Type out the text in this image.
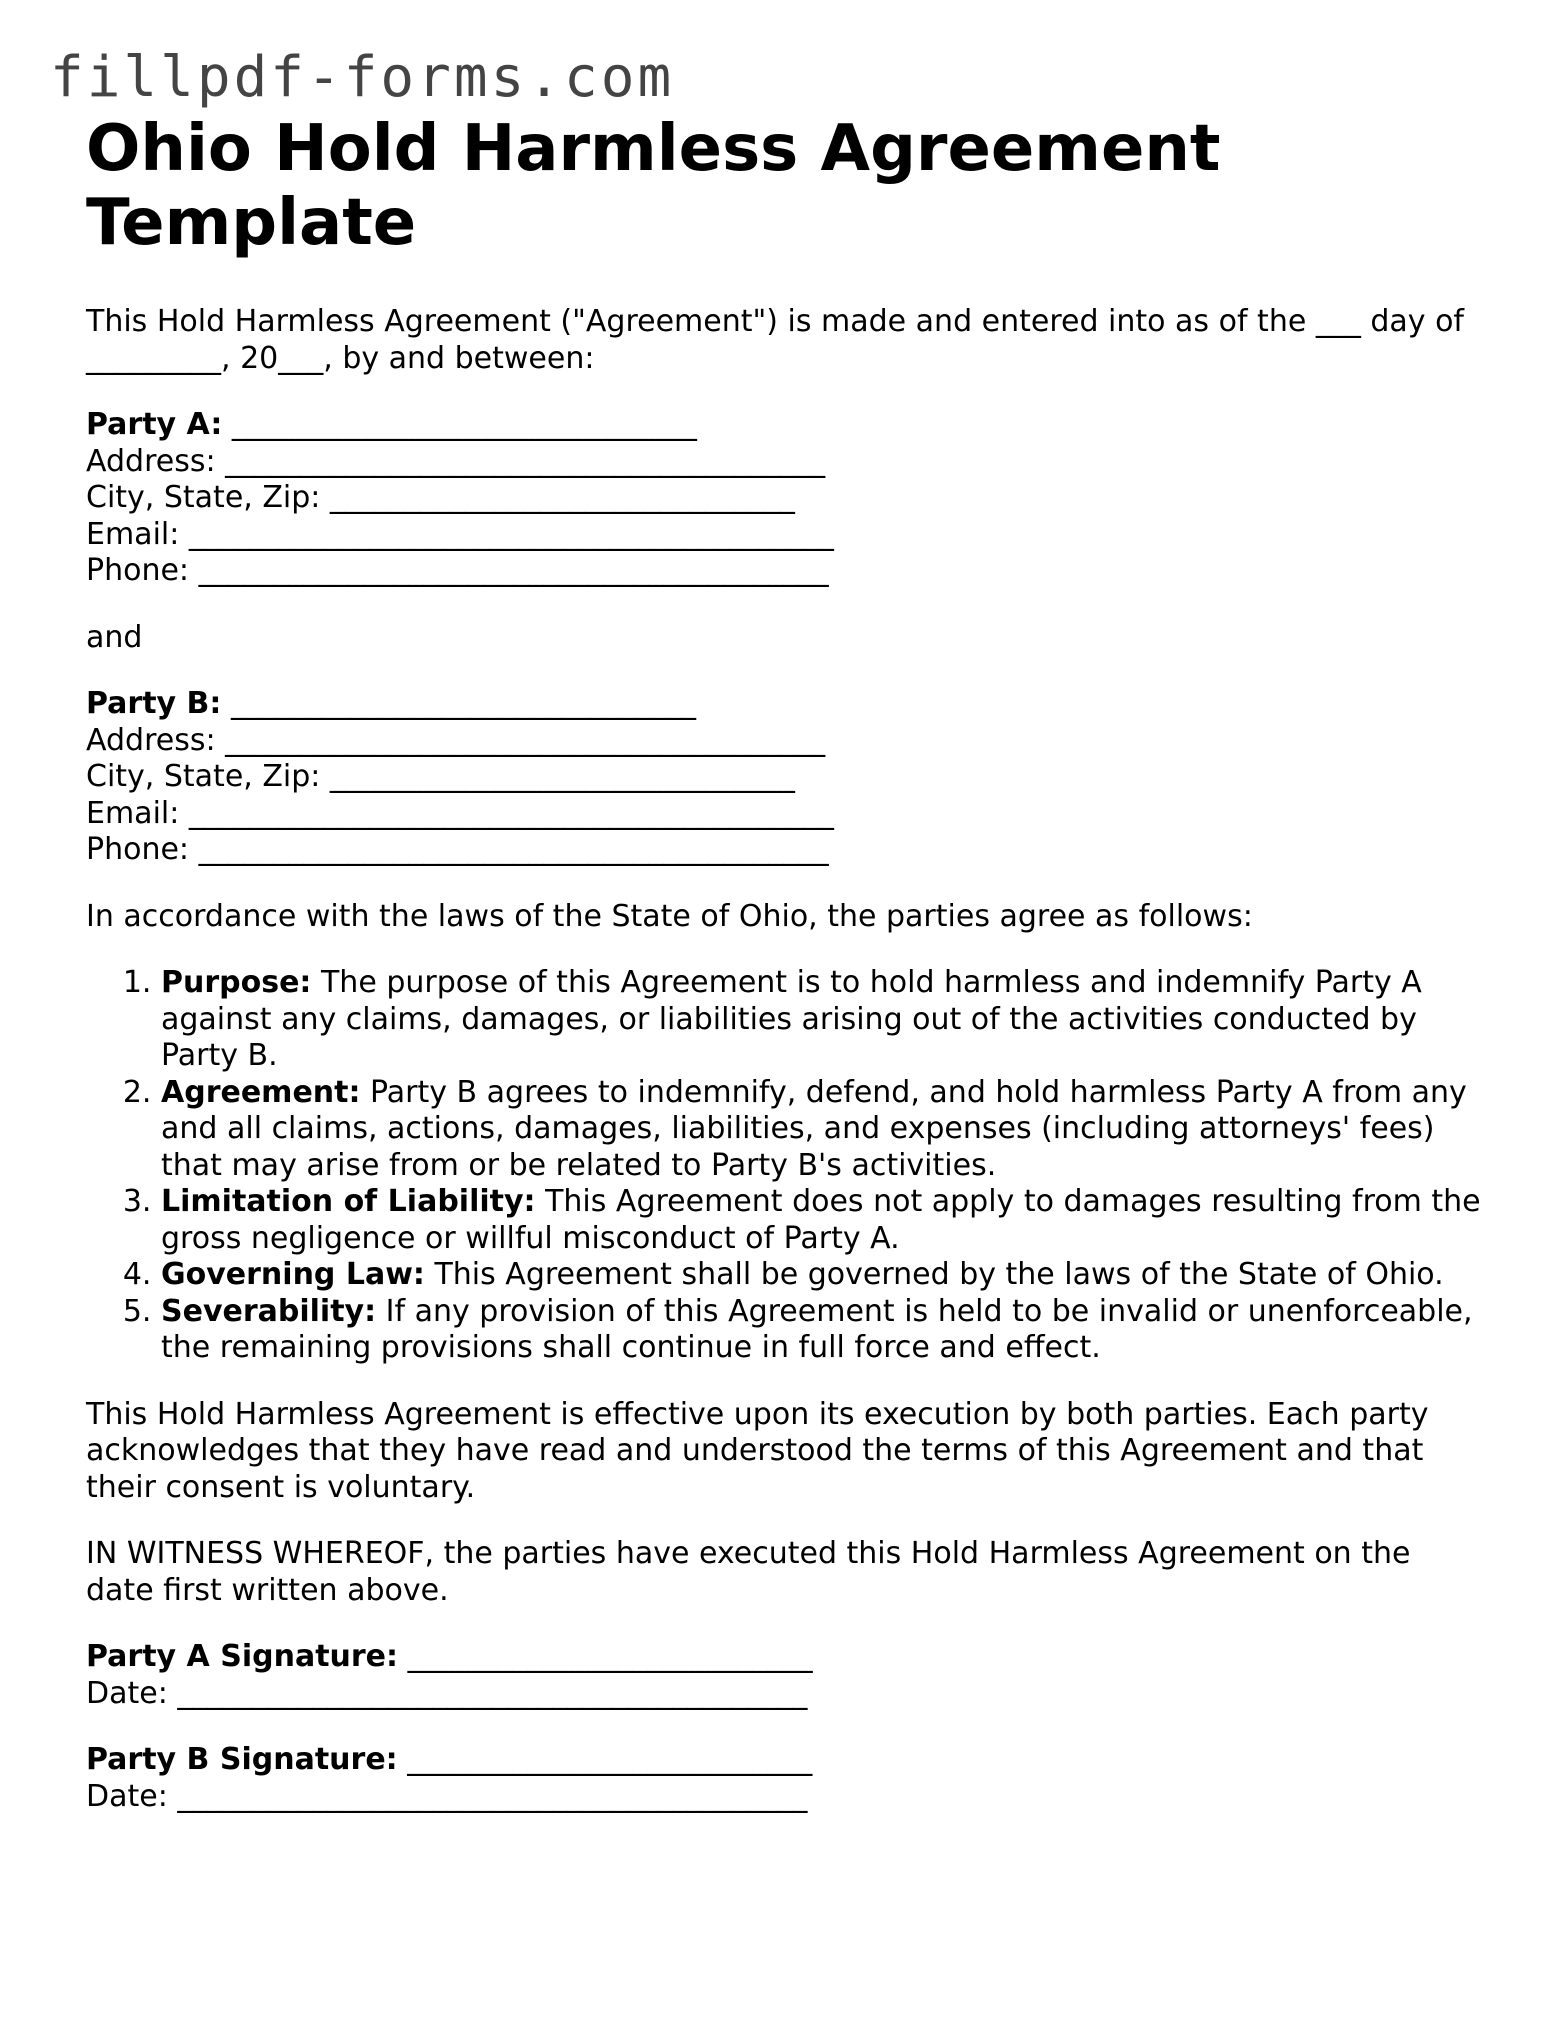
fillpdf-forms.com
Ohio Hold Harmless Agreement Template

This Hold Harmless Agreement ("Agreement") is made and entered into as of the ___ day of _________, 20___, by and between:

Party A: _______________________________
Address: ________________________________________
City, State, Zip: _______________________________
Email: ___________________________________________
Phone: __________________________________________

and

Party B: _______________________________
Address: ________________________________________
City, State, Zip: _______________________________
Email: ___________________________________________
Phone: __________________________________________

In accordance with the laws of the State of Ohio, the parties agree as follows:

1. Purpose: The purpose of this Agreement is to hold harmless and indemnify Party A against any claims, damages, or liabilities arising out of the activities conducted by Party B.
2. Agreement: Party B agrees to indemnify, defend, and hold harmless Party A from any and all claims, actions, damages, liabilities, and expenses (including attorneys' fees) that may arise from or be related to Party B's activities.
3. Limitation of Liability: This Agreement does not apply to damages resulting from the gross negligence or willful misconduct of Party A.
4. Governing Law: This Agreement shall be governed by the laws of the State of Ohio.
5. Severability: If any provision of this Agreement is held to be invalid or unenforceable, the remaining provisions shall continue in full force and effect.

This Hold Harmless Agreement is effective upon its execution by both parties. Each party acknowledges that they have read and understood the terms of this Agreement and that their consent is voluntary.

IN WITNESS WHEREOF, the parties have executed this Hold Harmless Agreement on the date first written above.

Party A Signature: ___________________________
Date: __________________________________________
Party B Signature: ___________________________
Date: __________________________________________
